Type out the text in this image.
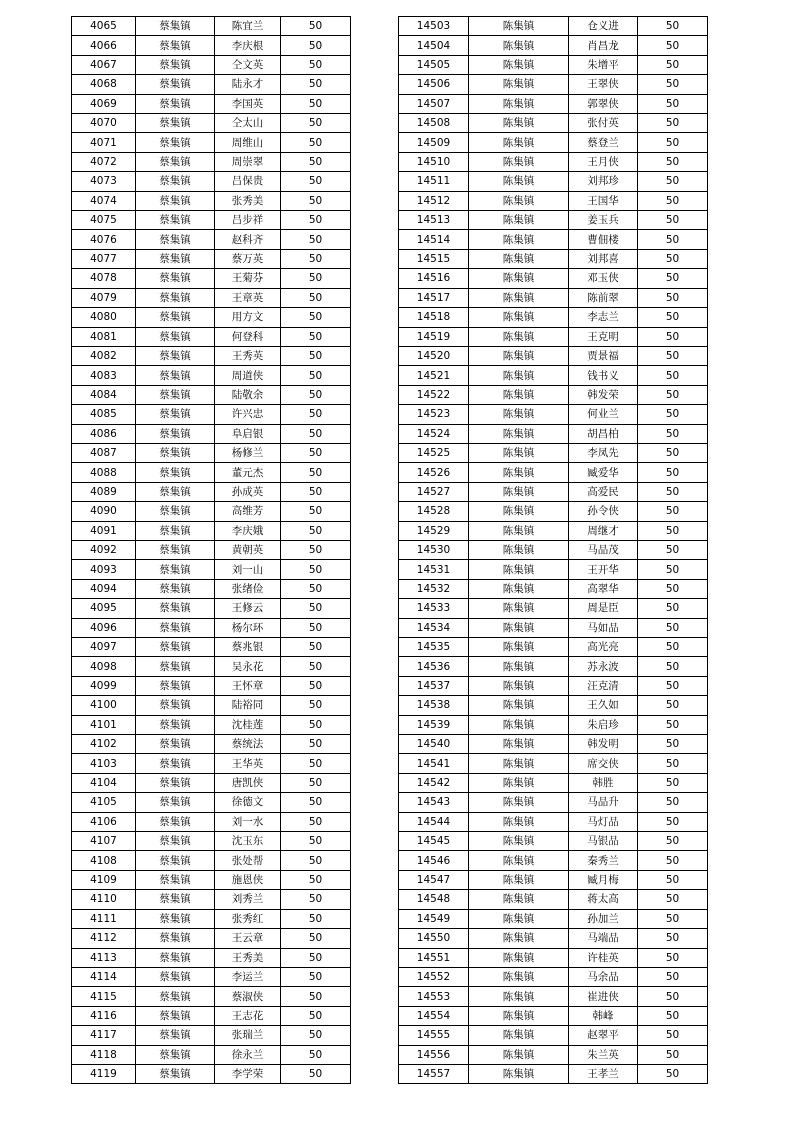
4065	蔡集镇	陈宜兰	50
4066	蔡集镇	李庆根	50
4067	蔡集镇	仝文英	50
4068	蔡集镇	陆永才	50
4069	蔡集镇	李国英	50
4070	蔡集镇	仝太山	50
4071	蔡集镇	周维山	50
4072	蔡集镇	周崇翠	50
4073	蔡集镇	吕保贵	50
4074	蔡集镇	张秀美	50
4075	蔡集镇	吕步祥	50
4076	蔡集镇	赵科齐	50
4077	蔡集镇	蔡万英	50
4078	蔡集镇	王菊芬	50
4079	蔡集镇	王章英	50
4080	蔡集镇	用方文	50
4081	蔡集镇	何登科	50
4082	蔡集镇	王秀英	50
4083	蔡集镇	周道侠	50
4084	蔡集镇	陆敬余	50
4085	蔡集镇	许兴忠	50
4086	蔡集镇	阜启银	50
4087	蔡集镇	杨修兰	50
4088	蔡集镇	董元杰	50
4089	蔡集镇	孙成英	50
4090	蔡集镇	高维芳	50
4091	蔡集镇	李庆娥	50
4092	蔡集镇	黄朝英	50
4093	蔡集镇	刘一山	50
4094	蔡集镇	张绪俭	50
4095	蔡集镇	王修云	50
4096	蔡集镇	杨尔环	50
4097	蔡集镇	蔡兆银	50
4098	蔡集镇	吴永花	50
4099	蔡集镇	王怀章	50
4100	蔡集镇	陆裕同	50
4101	蔡集镇	沈桂莲	50
4102	蔡集镇	蔡统法	50
4103	蔡集镇	王华英	50
4104	蔡集镇	唐凯侠	50
4105	蔡集镇	徐德文	50
4106	蔡集镇	刘一水	50
4107	蔡集镇	沈玉东	50
4108	蔡集镇	张处帮	50
4109	蔡集镇	施恩侠	50
4110	蔡集镇	刘秀兰	50
4111	蔡集镇	张秀红	50
4112	蔡集镇	王云章	50
4113	蔡集镇	王秀美	50
4114	蔡集镇	李运兰	50
4115	蔡集镇	蔡淑侠	50
4116	蔡集镇	王志花	50
4117	蔡集镇	张瑞兰	50
4118	蔡集镇	徐永兰	50
4119	蔡集镇	李学荣	50
14503	陈集镇	仓义进	50
14504	陈集镇	肖昌龙	50
14505	陈集镇	朱增平	50
14506	陈集镇	王翠侠	50
14507	陈集镇	郭翠侠	50
14508	陈集镇	张付英	50
14509	陈集镇	蔡登兰	50
14510	陈集镇	王月侠	50
14511	陈集镇	刘邦珍	50
14512	陈集镇	王国华	50
14513	陈集镇	姜玉兵	50
14514	陈集镇	曹佃楼	50
14515	陈集镇	刘邦喜	50
14516	陈集镇	邓玉侠	50
14517	陈集镇	陈前翠	50
14518	陈集镇	李志兰	50
14519	陈集镇	王克明	50
14520	陈集镇	贾景福	50
14521	陈集镇	钱书义	50
14522	陈集镇	韩发荣	50
14523	陈集镇	何业兰	50
14524	陈集镇	胡昌柏	50
14525	陈集镇	李凤先	50
14526	陈集镇	臧爱华	50
14527	陈集镇	高爱民	50
14528	陈集镇	孙令侠	50
14529	陈集镇	周继才	50
14530	陈集镇	马品茂	50
14531	陈集镇	王开华	50
14532	陈集镇	高翠华	50
14533	陈集镇	周是臣	50
14534	陈集镇	马如品	50
14535	陈集镇	高光亮	50
14536	陈集镇	苏永波	50
14537	陈集镇	汪克清	50
14538	陈集镇	王久如	50
14539	陈集镇	朱启珍	50
14540	陈集镇	韩发明	50
14541	陈集镇	席交侠	50
14542	陈集镇	韩胜	50
14543	陈集镇	马品升	50
14544	陈集镇	马灯品	50
14545	陈集镇	马银品	50
14546	陈集镇	秦秀兰	50
14547	陈集镇	臧月梅	50
14548	陈集镇	蒋太高	50
14549	陈集镇	孙加兰	50
14550	陈集镇	马端品	50
14551	陈集镇	许桂英	50
14552	陈集镇	马余品	50
14553	陈集镇	崔进侠	50
14554	陈集镇	韩峰	50
14555	陈集镇	赵翠平	50
14556	陈集镇	朱兰英	50
14557	陈集镇	王孝兰	50
